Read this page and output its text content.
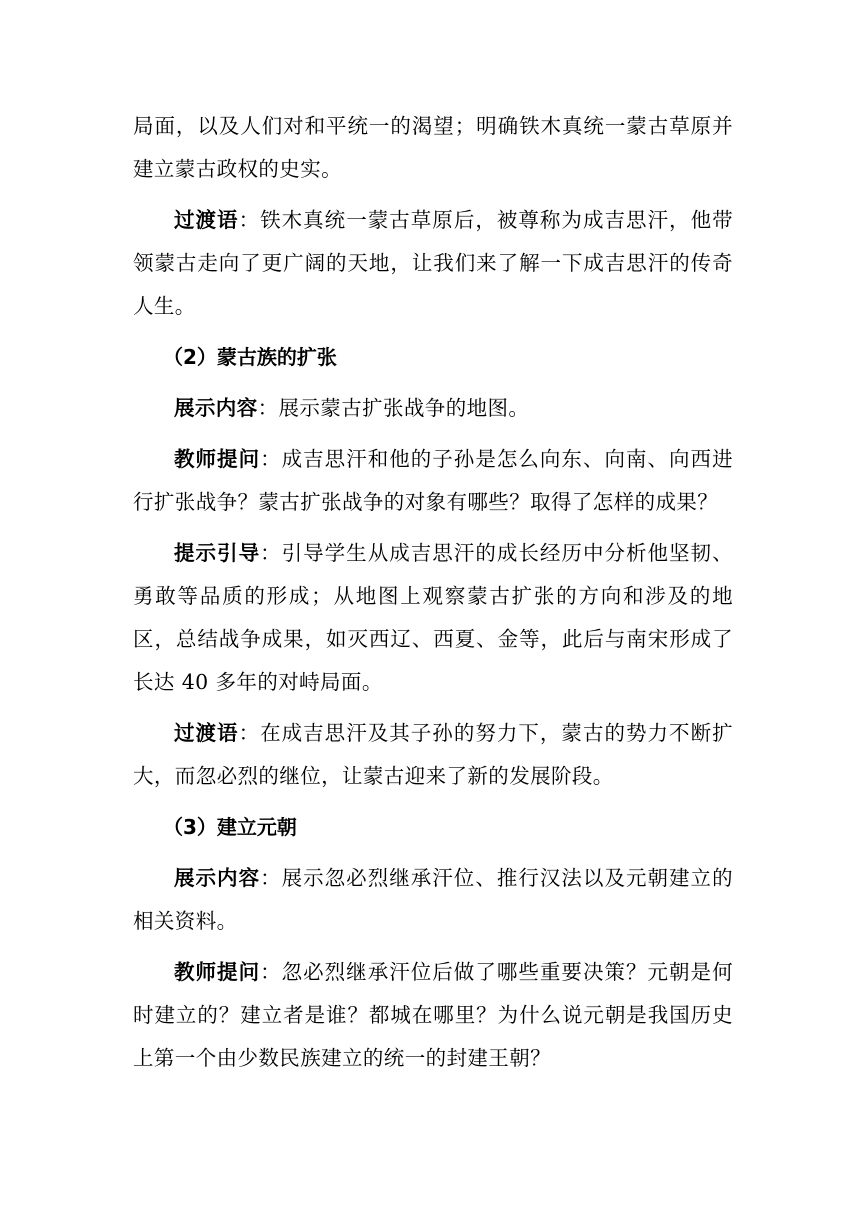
局面，以及人们对和平统一的渴望；明确铁木真统一蒙古草原并建立蒙古政权的史实。

过渡语：铁木真统一蒙古草原后，被尊称为成吉思汗，他带领蒙古走向了更广阔的天地，让我们来了解一下成吉思汗的传奇人生。

（2）蒙古族的扩张

展示内容：展示蒙古扩张战争的地图。

教师提问：成吉思汗和他的子孙是怎么向东、向南、向西进行扩张战争？蒙古扩张战争的对象有哪些？取得了怎样的成果？

提示引导：引导学生从成吉思汗的成长经历中分析他坚韧、勇敢等品质的形成；从地图上观察蒙古扩张的方向和涉及的地区，总结战争成果，如灭西辽、西夏、金等，此后与南宋形成了长达 40 多年的对峙局面。

过渡语：在成吉思汗及其子孙的努力下，蒙古的势力不断扩大，而忽必烈的继位，让蒙古迎来了新的发展阶段。

（3）建立元朝

展示内容：展示忽必烈继承汗位、推行汉法以及元朝建立的相关资料。

教师提问：忽必烈继承汗位后做了哪些重要决策？元朝是何时建立的？建立者是谁？都城在哪里？为什么说元朝是我国历史上第一个由少数民族建立的统一的封建王朝？
